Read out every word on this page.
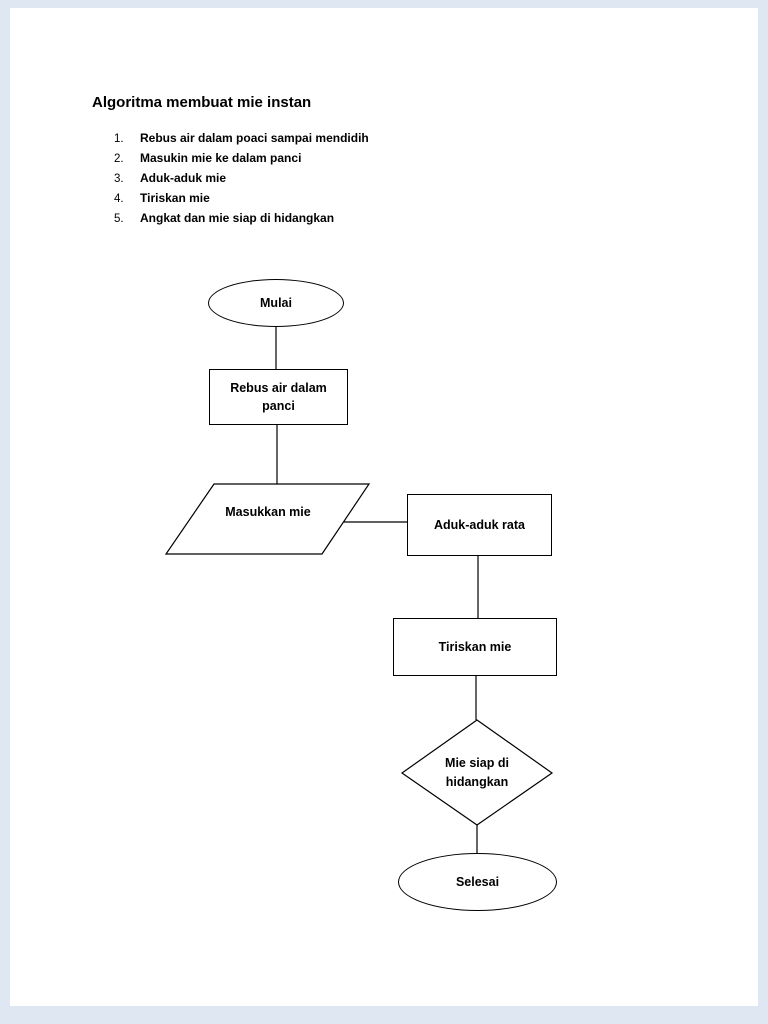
Algoritma membuat mie instan
1.	Rebus air dalam poaci sampai mendidih
2.	Masukin mie ke dalam panci
3.	Aduk-aduk mie
4.	Tiriskan mie
5.	Angkat dan mie siap di hidangkan
Mulai
Rebus air dalam panci
Masukkan mie
Aduk-aduk rata
Tiriskan mie
Mie siap di hidangkan
Selesai
